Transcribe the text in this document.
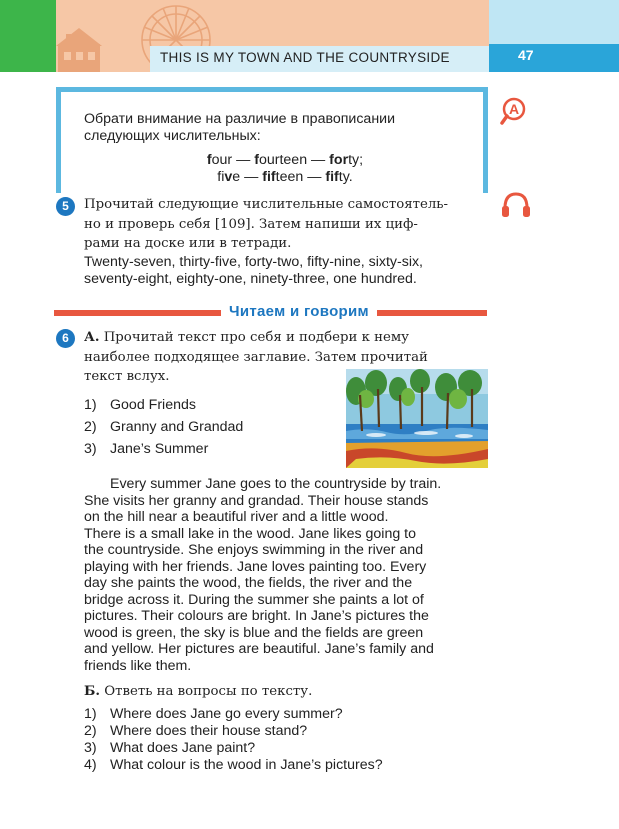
THIS IS MY TOWN AND THE COUNTRYSIDE	47
Обрати внимание на различие в правописании
следующих числительных:
four — fourteen — forty;
five — fifteen — fifty.
A
5	Прочитай следующие числительные самостоятель-
но и проверь себя [109]. Затем напиши их циф-
рами на доске или в тетради.
Twenty-seven, thirty-five, forty-two, fifty-nine, sixty-six,
seventy-eight, eighty-one, ninety-three, one hundred.
Читаем и говорим
6	А. Прочитай текст про себя и подбери к нему
наиболее подходящее заглавие. Затем прочитай
текст вслух.
1) Good Friends
2) Granny and Grandad
3) Jane’s Summer
Every summer Jane goes to the countryside by train.
She visits her granny and grandad. Their house stands
on the hill near a beautiful river and a little wood.
There is a small lake in the wood. Jane likes going to
the countryside. She enjoys swimming in the river and
playing with her friends. Jane loves painting too. Every
day she paints the wood, the fields, the river and the
bridge across it. During the summer she paints a lot of
pictures. Their colours are bright. In Jane’s pictures the
wood is green, the sky is blue and the fields are green
and yellow. Her pictures are beautiful. Jane’s family and
friends like them.
Б. Ответь на вопросы по тексту.
1) Where does Jane go every summer?
2) Where does their house stand?
3) What does Jane paint?
4) What colour is the wood in Jane’s pictures?
